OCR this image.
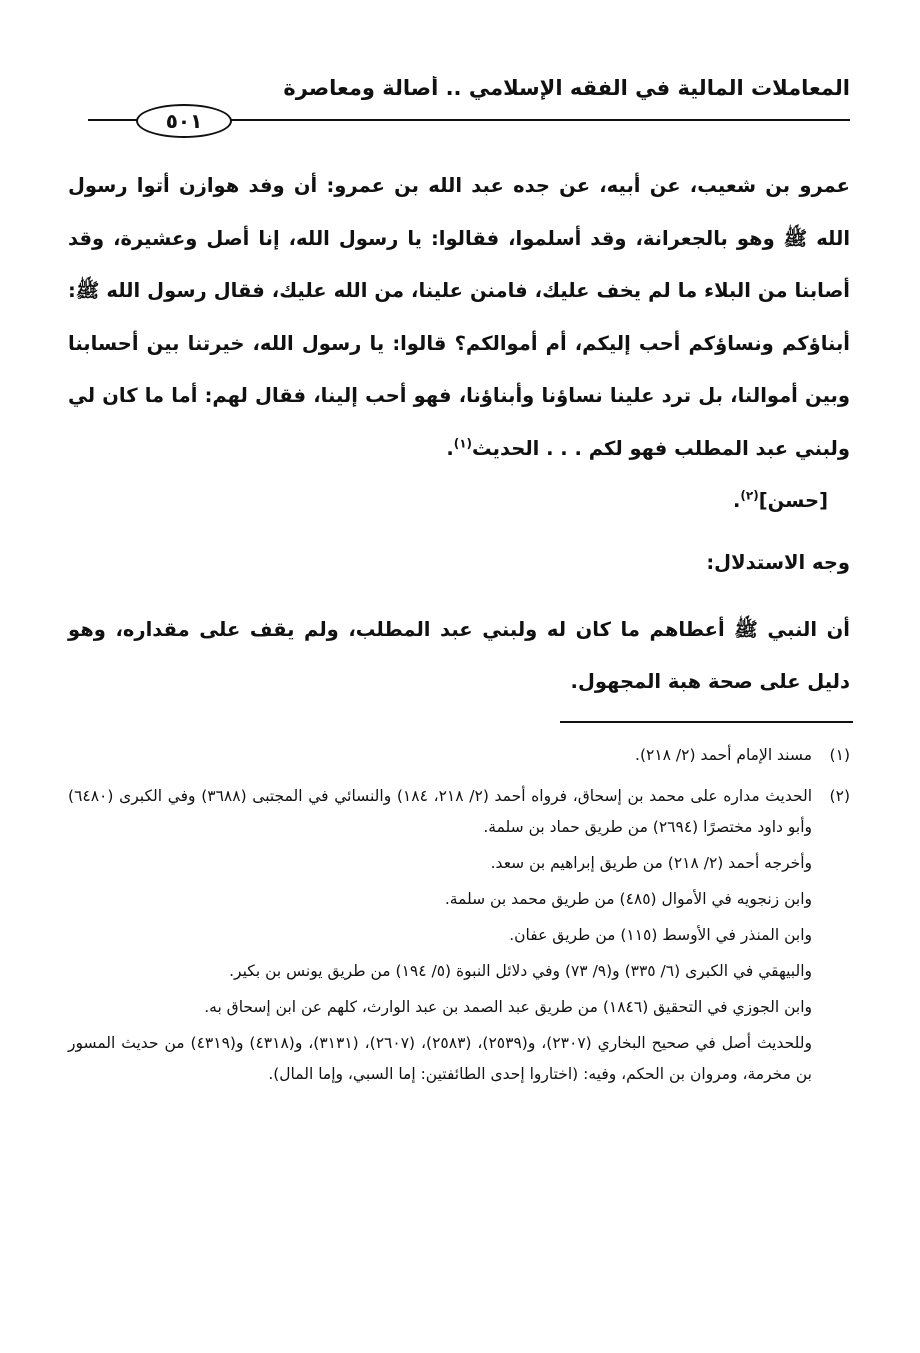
المعاملات المالية في الفقه الإسلامي .. أصالة ومعاصرة
٥٠١

عمرو بن شعيب، عن أبيه، عن جده عبد الله بن عمرو: أن وفد هوازن أتوا رسول الله ﷺ وهو بالجعرانة، وقد أسلموا، فقالوا: يا رسول الله، إنا أصل وعشيرة، وقد أصابنا من البلاء ما لم يخف عليك، فامنن علينا، من الله عليك، فقال رسول الله ﷺ: أبناؤكم ونساؤكم أحب إليكم، أم أموالكم؟ قالوا: يا رسول الله، خيرتنا بين أحسابنا وبين أموالنا، بل ترد علينا نساؤنا وأبناؤنا، فهو أحب إلينا، فقال لهم: أما ما كان لي ولبني عبد المطلب فهو لكم . . . الحديث$^{(١)}$.

[حسن]$^{(٢)}$.

وجه الاستدلال:

أن النبي ﷺ أعطاهم ما كان له ولبني عبد المطلب، ولم يقف على مقداره، وهو دليل على صحة هبة المجهول.

(١)

مسند الإمام أحمد (٢/ ٢١٨).

(٢)

الحديث مداره على محمد بن إسحاق، فرواه أحمد (٢/ ٢١٨، ١٨٤) والنسائي في المجتبى (٣٦٨٨) وفي الكبرى (٦٤٨٠) وأبو داود مختصرًا (٢٦٩٤) من طريق حماد بن سلمة.

وأخرجه أحمد (٢/ ٢١٨) من طريق إبراهيم بن سعد.

وابن زنجويه في الأموال (٤٨٥) من طريق محمد بن سلمة.

وابن المنذر في الأوسط (١١٥) من طريق عفان.

والبيهقي في الكبرى (٦/ ٣٣٥) و(٩/ ٧٣) وفي دلائل النبوة (٥/ ١٩٤) من طريق يونس بن بكير.

وابن الجوزي في التحقيق (١٨٤٦) من طريق عبد الصمد بن عبد الوارث، كلهم عن ابن إسحاق به.

وللحديث أصل في صحيح البخاري (٢٣٠٧)، و(٢٥٣٩)، (٢٥٨٣)، (٢٦٠٧)، (٣١٣١)، و(٤٣١٨) و(٤٣١٩) من حديث المسور بن مخرمة، ومروان بن الحكم، وفيه: (اختاروا إحدى الطائفتين: إما السبي، وإما المال).
